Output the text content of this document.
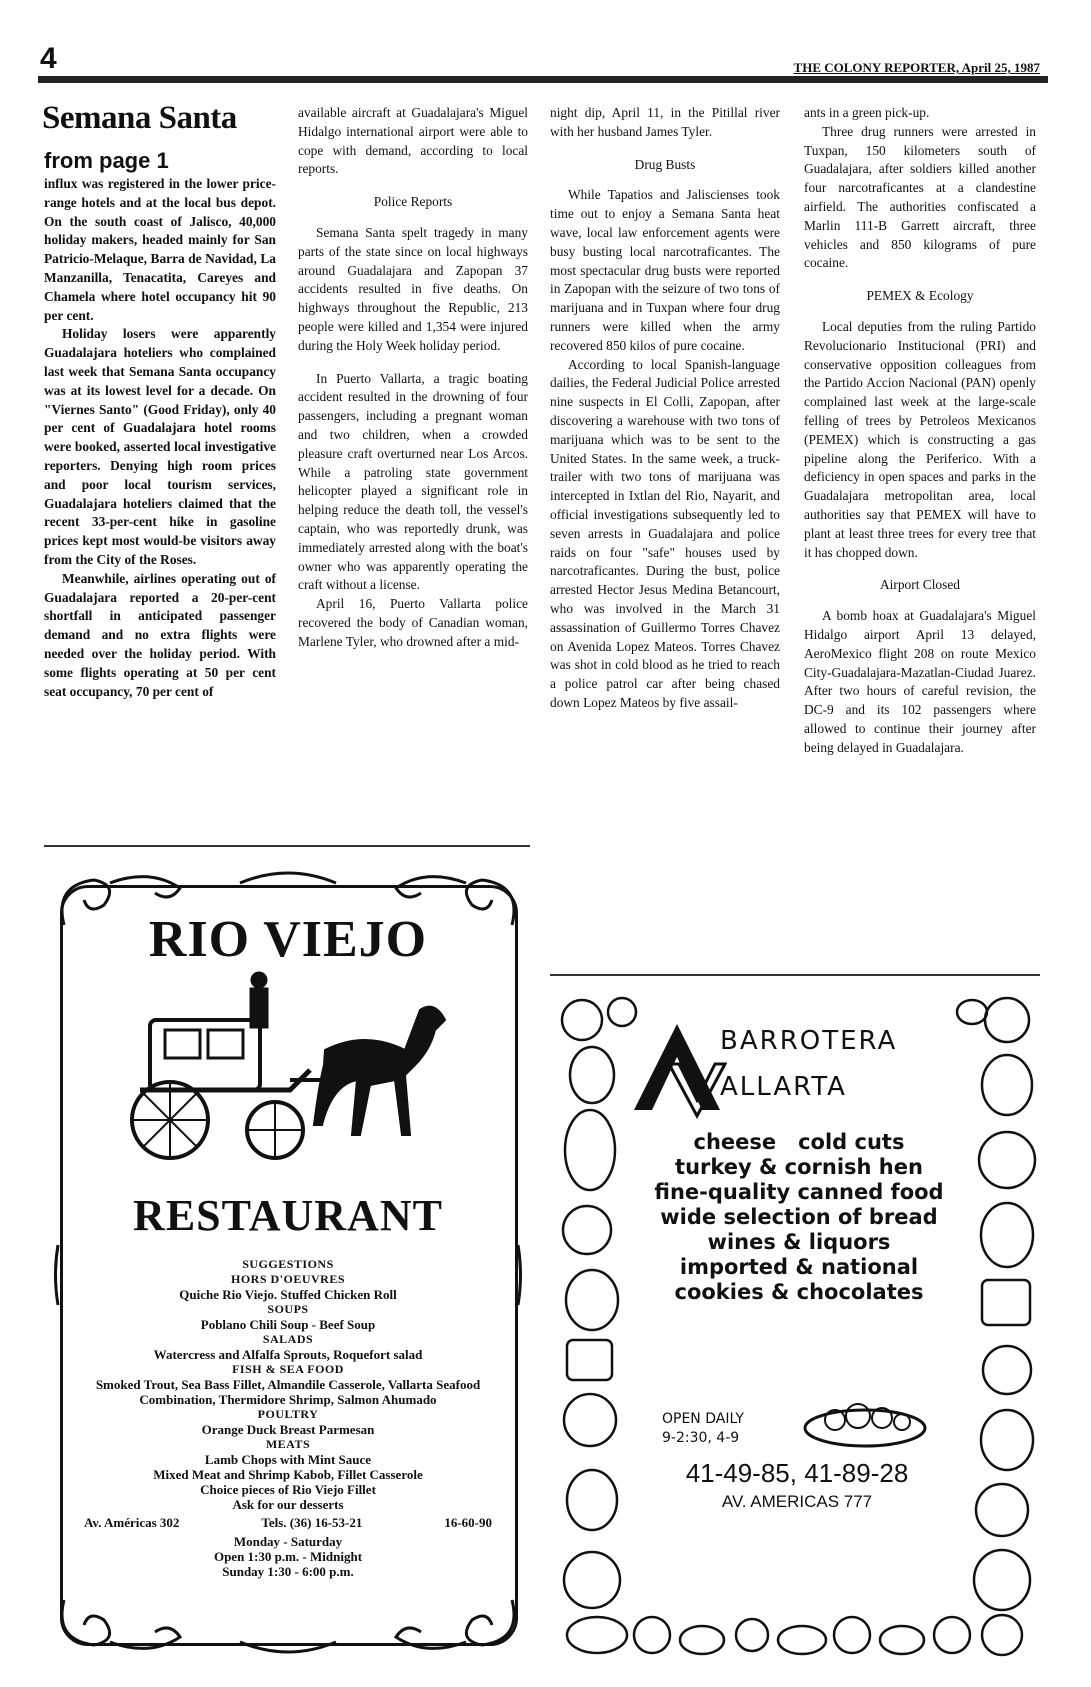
4	THE COLONY REPORTER, April 25, 1987
Semana Santa
from page 1

influx was registered in the lower price-range hotels and at the local bus depot. On the south coast of Jalisco, 40,000 holiday makers, headed mainly for San Patricio-Melaque, Barra de Navidad, La Manzanilla, Tenacatita, Careyes and Chamela where hotel occupancy hit 90 per cent.

Holiday losers were apparently Guadalajara hoteliers who complained last week that Semana Santa occupancy was at its lowest level for a decade. On "Viernes Santo" (Good Friday), only 40 per cent of Guadalajara hotel rooms were booked, asserted local investigative reporters. Denying high room prices and poor local tourism services, Guadalajara hoteliers claimed that the recent 33-per-cent hike in gasoline prices kept most would-be visitors away from the City of the Roses.

Meanwhile, airlines operating out of Guadalajara reported a 20-per-cent shortfall in anticipated passenger demand and no extra flights were needed over the holiday period. With some flights operating at 50 per cent seat occupancy, 70 per cent of

available aircraft at Guadalajara's Miguel Hidalgo international airport were able to cope with demand, according to local reports.

Police Reports

Semana Santa spelt tragedy in many parts of the state since on local highways around Guadalajara and Zapopan 37 accidents resulted in five deaths. On highways throughout the Republic, 213 people were killed and 1,354 were injured during the Holy Week holiday period.

In Puerto Vallarta, a tragic boating accident resulted in the drowning of four passengers, including a pregnant woman and two children, when a crowded pleasure craft overturned near Los Arcos. While a patroling state government helicopter played a significant role in helping reduce the death toll, the vessel's captain, who was reportedly drunk, was immediately arrested along with the boat's owner who was apparently operating the craft without a license.

April 16, Puerto Vallarta police recovered the body of Canadian woman, Marlene Tyler, who drowned after a mid-

night dip, April 11, in the Pitillal river with her husband James Tyler.

Drug Busts

While Tapatios and Jaliscienses took time out to enjoy a Semana Santa heat wave, local law enforcement agents were busy busting local narcotraficantes. The most spectacular drug busts were reported in Zapopan with the seizure of two tons of marijuana and in Tuxpan where four drug runners were killed when the army recovered 850 kilos of pure cocaine.

According to local Spanish-language dailies, the Federal Judicial Police arrested nine suspects in El Colli, Zapopan, after discovering a warehouse with two tons of marijuana which was to be sent to the United States. In the same week, a truck-trailer with two tons of marijuana was intercepted in Ixtlan del Rio, Nayarit, and official investigations subsequently led to seven arrests in Guadalajara and police raids on four "safe" houses used by narcotraficantes. During the bust, police arrested Hector Jesus Medina Betancourt, who was involved in the March 31 assassination of Guillermo Torres Chavez on Avenida Lopez Mateos. Torres Chavez was shot in cold blood as he tried to reach a police patrol car after being chased down Lopez Mateos by five assail-

ants in a green pick-up.

Three drug runners were arrested in Tuxpan, 150 kilometers south of Guadalajara, after soldiers killed another four narcotraficantes at a clandestine airfield. The authorities confiscated a Marlin 111-B Garrett aircraft, three vehicles and 850 kilograms of pure cocaine.

PEMEX & Ecology

Local deputies from the ruling Partido Revolucionario Institucional (PRI) and conservative opposition colleagues from the Partido Accion Nacional (PAN) openly complained last week at the large-scale felling of trees by Petroleos Mexicanos (PEMEX) which is constructing a gas pipeline along the Periferico. With a deficiency in open spaces and parks in the Guadalajara metropolitan area, local authorities say that PEMEX will have to plant at least three trees for every tree that it has chopped down.

Airport Closed

A bomb hoax at Guadalajara's Miguel Hidalgo airport April 13 delayed, AeroMexico flight 208 on route Mexico City-Guadalajara-Mazatlan-Ciudad Juarez. After two hours of careful revision, the DC-9 and its 102 passengers where allowed to continue their journey after being delayed in Guadalajara.

RIO VIEJO
RESTAURANT
SUGGESTIONS
HORS D'OEUVRES
Quiche Rio Viejo. Stuffed Chicken Roll
SOUPS
Poblano Chili Soup - Beef Soup
SALADS
Watercress and Alfalfa Sprouts, Roquefort salad
FISH & SEA FOOD
Smoked Trout, Sea Bass Fillet, Almandile Casserole, Vallarta Seafood Combination, Thermidore Shrimp, Salmon Ahumado
POULTRY
Orange Duck Breast Parmesan
MEATS
Lamb Chops with Mint Sauce
Mixed Meat and Shrimp Kabob, Fillet Casserole
Choice pieces of Rio Viejo Fillet
Ask for our desserts
Av. Américas 302	Tels. (36) 16-53-21	16-60-90
Monday - Saturday
Open 1:30 p.m. - Midnight
Sunday 1:30 - 6:00 p.m.
BARROTERA
ALLARTA
cheese   cold cuts
turkey & cornish hen
fine-quality canned food
wide selection of bread
wines & liquors
imported & national
cookies & chocolates
OPEN DAILY
9-2:30, 4-9
41-49-85, 41-89-28
AV. AMERICAS 777
